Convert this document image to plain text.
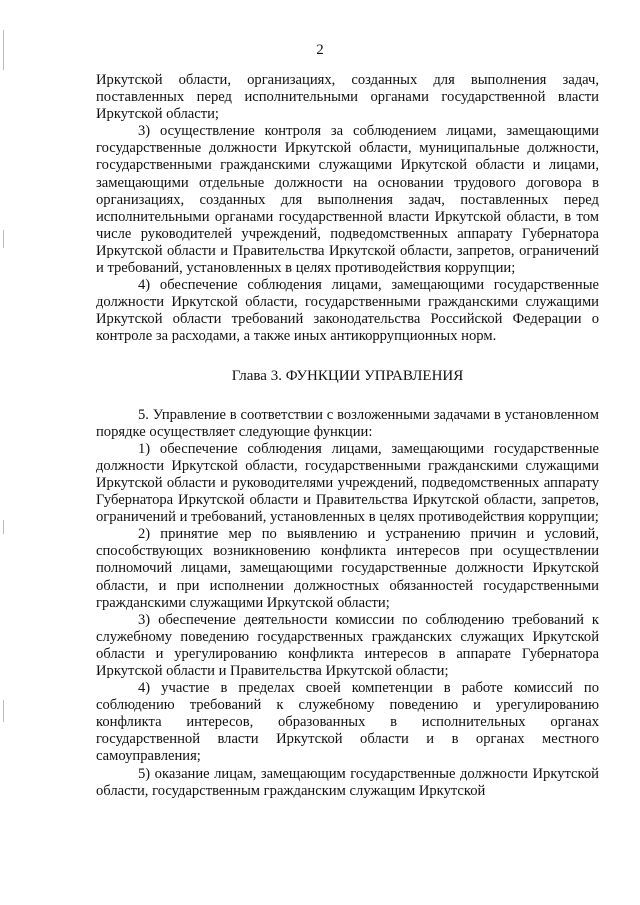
2

Иркутской области, организациях, созданных для выполнения задач, поставленных перед исполнительными органами государственной власти Иркутской области;

3) осуществление контроля за соблюдением лицами, замещающими государственные должности Иркутской области, муниципальные должности, государственными гражданскими служащими Иркутской области и лицами, замещающими отдельные должности на основании трудового договора в организациях, созданных для выполнения задач, поставленных перед исполнительными органами государственной власти Иркутской области, в том числе руководителей учреждений, подведомственных аппарату Губернатора Иркутской области и Правительства Иркутской области, запретов, ограничений и требований, установленных в целях противодействия коррупции;

4) обеспечение соблюдения лицами, замещающими государственные должности Иркутской области, государственными гражданскими служащими Иркутской области требований законодательства Российской Федерации о контроле за расходами, а также иных антикоррупционных норм.

Глава 3. ФУНКЦИИ УПРАВЛЕНИЯ

5. Управление в соответствии с возложенными задачами в установленном порядке осуществляет следующие функции:

1) обеспечение соблюдения лицами, замещающими государственные должности Иркутской области, государственными гражданскими служащими Иркутской области и руководителями учреждений, подведомственных аппарату Губернатора Иркутской области и Правительства Иркутской области, запретов, ограничений и требований, установленных в целях противодействия коррупции;

2) принятие мер по выявлению и устранению причин и условий, способствующих возникновению конфликта интересов при осуществлении полномочий лицами, замещающими государственные должности Иркутской области, и при исполнении должностных обязанностей государственными гражданскими служащими Иркутской области;

3) обеспечение деятельности комиссии по соблюдению требований к служебному поведению государственных гражданских служащих Иркутской области и урегулированию конфликта интересов в аппарате Губернатора Иркутской области и Правительства Иркутской области;

4) участие в пределах своей компетенции в работе комиссий по соблюдению требований к служебному поведению и урегулированию конфликта интересов, образованных в исполнительных органах государственной власти Иркутской области и в органах местного самоуправления;

5) оказание лицам, замещающим государственные должности Иркутской области, государственным гражданским служащим Иркутской
